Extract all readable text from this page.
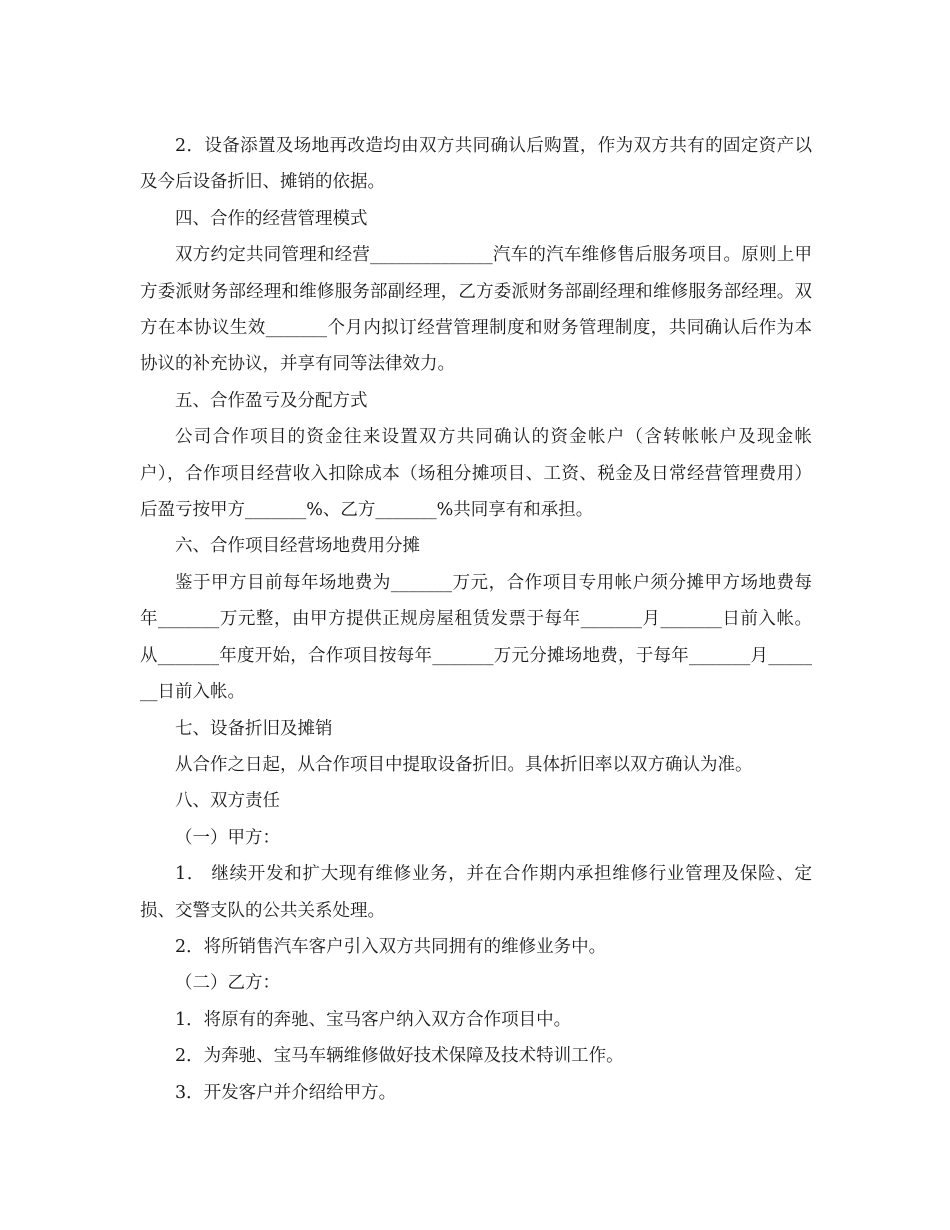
2．设备添置及场地再改造均由双方共同确认后购置，作为双方共有的固定资产以及今后设备折旧、摊销的依据。

四、合作的经营管理模式

双方约定共同管理和经营______________汽车的汽车维修售后服务项目。原则上甲方委派财务部经理和维修服务部副经理，乙方委派财务部副经理和维修服务部经理。双方在本协议生效_______个月内拟订经营管理制度和财务管理制度，共同确认后作为本协议的补充协议，并享有同等法律效力。

五、合作盈亏及分配方式

公司合作项目的资金往来设置双方共同确认的资金帐户（含转帐帐户及现金帐户），合作项目经营收入扣除成本（场租分摊项目、工资、税金及日常经营管理费用）后盈亏按甲方_______%、乙方_______%共同享有和承担。

六、合作项目经营场地费用分摊

鉴于甲方目前每年场地费为_______万元，合作项目专用帐户须分摊甲方场地费每年_______万元整，由甲方提供正规房屋租赁发票于每年_______月_______日前入帐。从_______年度开始，合作项目按每年_______万元分摊场地费，于每年_______月_______日前入帐。

七、设备折旧及摊销

从合作之日起，从合作项目中提取设备折旧。具体折旧率以双方确认为准。

八、双方责任

（一）甲方：

1． 继续开发和扩大现有维修业务，并在合作期内承担维修行业管理及保险、定损、交警支队的公共关系处理。

2．将所销售汽车客户引入双方共同拥有的维修业务中。

（二）乙方：

1．将原有的奔驰、宝马客户纳入双方合作项目中。

2．为奔驰、宝马车辆维修做好技术保障及技术特训工作。

3．开发客户并介绍给甲方。
